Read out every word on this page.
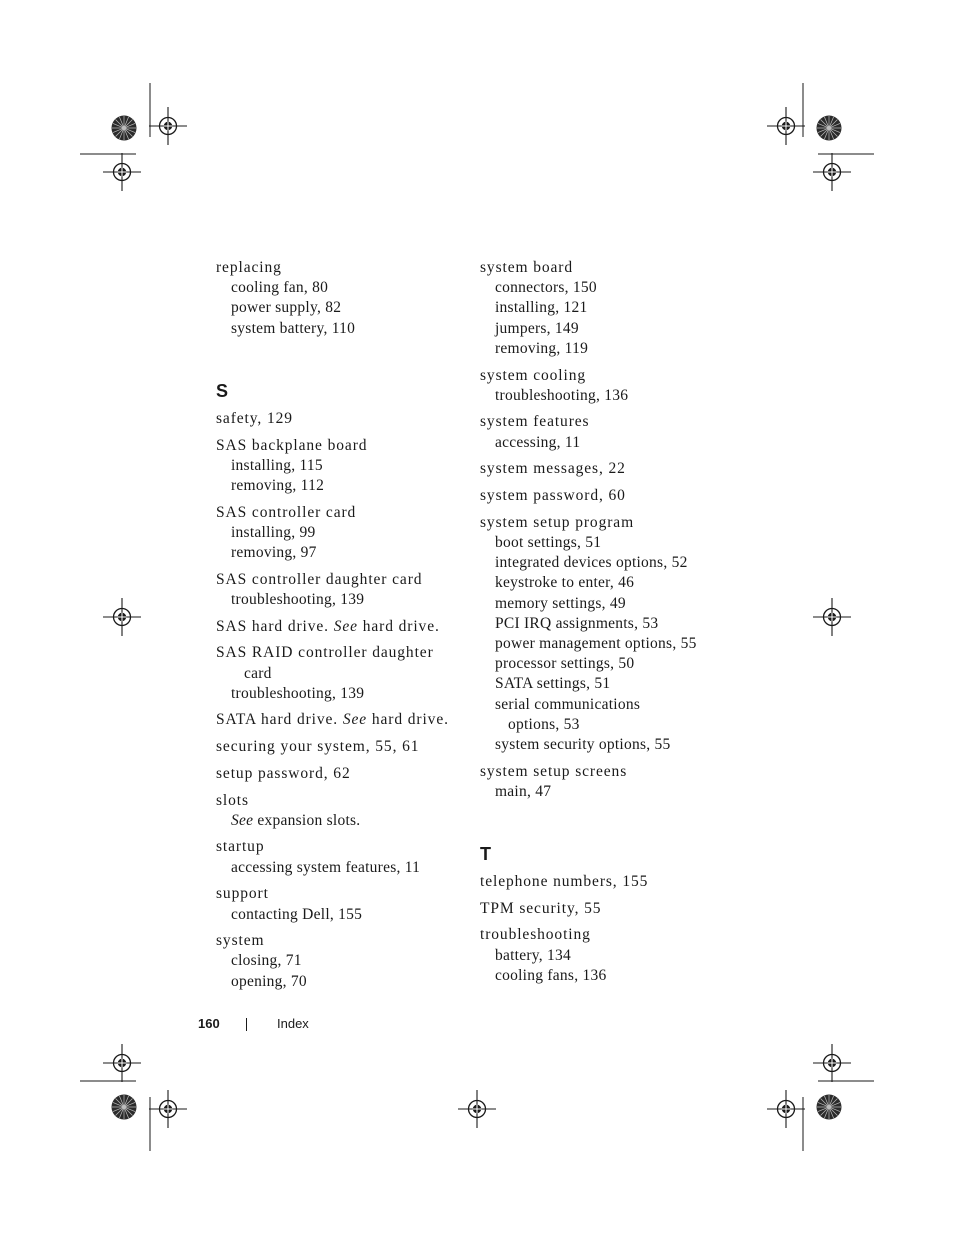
replacing
cooling fan, 80
power supply, 82
system battery, 110
S
safety, 129
SAS backplane board
installing, 115
removing, 112
SAS controller card
installing, 99
removing, 97
SAS controller daughter card
troubleshooting, 139
SAS hard drive. See hard drive.
SAS RAID controller daughter
card
troubleshooting, 139
SATA hard drive. See hard drive.
securing your system, 55, 61
setup password, 62
slots
See expansion slots.
startup
accessing system features, 11
support
contacting Dell, 155
system
closing, 71
opening, 70
system board
connectors, 150
installing, 121
jumpers, 149
removing, 119
system cooling
troubleshooting, 136
system features
accessing, 11
system messages, 22
system password, 60
system setup program
boot settings, 51
integrated devices options, 52
keystroke to enter, 46
memory settings, 49
PCI IRQ assignments, 53
power management options, 55
processor settings, 50
SATA settings, 51
serial communications
options, 53
system security options, 55
system setup screens
main, 47
T
telephone numbers, 155
TPM security, 55
troubleshooting
battery, 134
cooling fans, 136
160	Index
